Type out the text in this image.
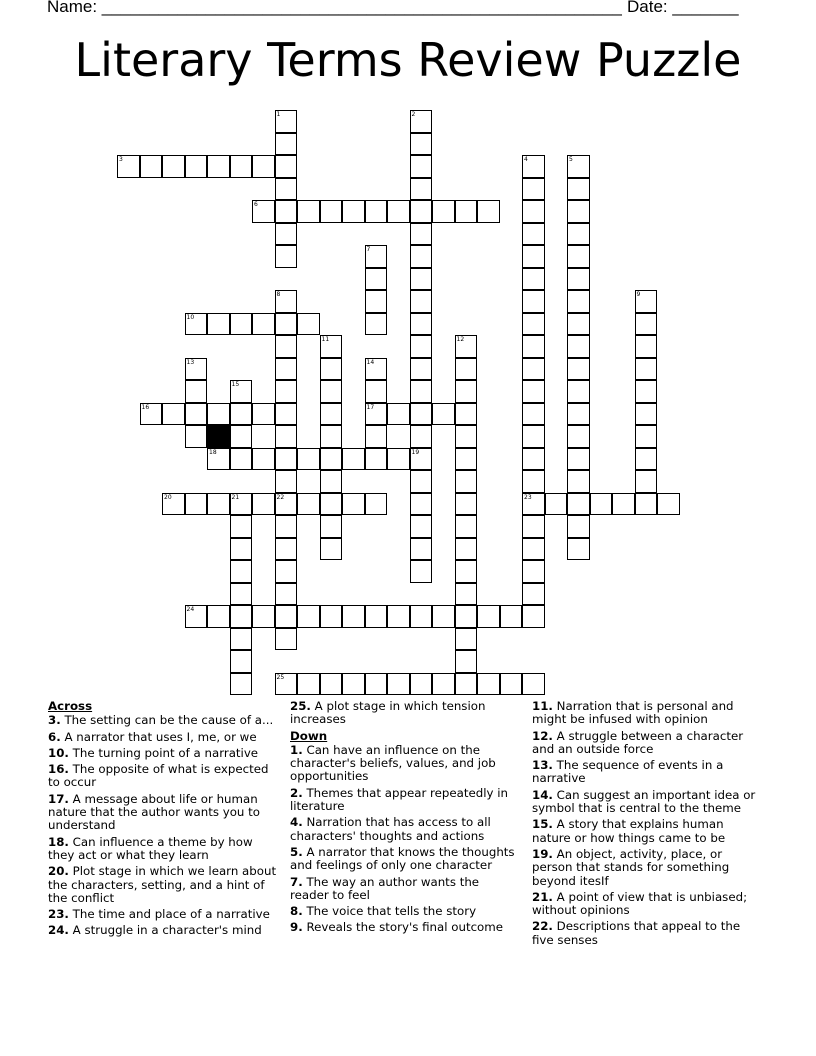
Name: _______________________________________________________ Date: _______
Literary Terms Review Puzzle
1	2
19
3	4
23
5
6
7
8
22
9
10
11	12
13	14
17
15
16
18
20	21
24
25
Across
3. The setting can be the cause of a...
6. A narrator that uses I, me, or we
10. The turning point of a narrative
16. The opposite of what is expected to occur
17. A message about life or human nature that the author wants you to understand
18. Can influence a theme by how they act or what they learn
20. Plot stage in which we learn about the characters, setting, and a hint of the conflict
23. The time and place of a narrative
24. A struggle in a character's mind
25. A plot stage in which tension increases
Down
1. Can have an influence on the character's beliefs, values, and job opportunities
2. Themes that appear repeatedly in literature
4. Narration that has access to all characters' thoughts and actions
5. A narrator that knows the thoughts and feelings of only one character
7. The way an author wants the reader to feel
8. The voice that tells the story
9. Reveals the story's final outcome
11. Narration that is personal and might be infused with opinion
12. A struggle between a character and an outside force
13. The sequence of events in a narrative
14. Can suggest an important idea or symbol that is central to the theme
15. A story that explains human nature or how things came to be
19. An object, activity, place, or person that stands for something beyond itesIf
21. A point of view that is unbiased; without opinions
22. Descriptions that appeal to the five senses
